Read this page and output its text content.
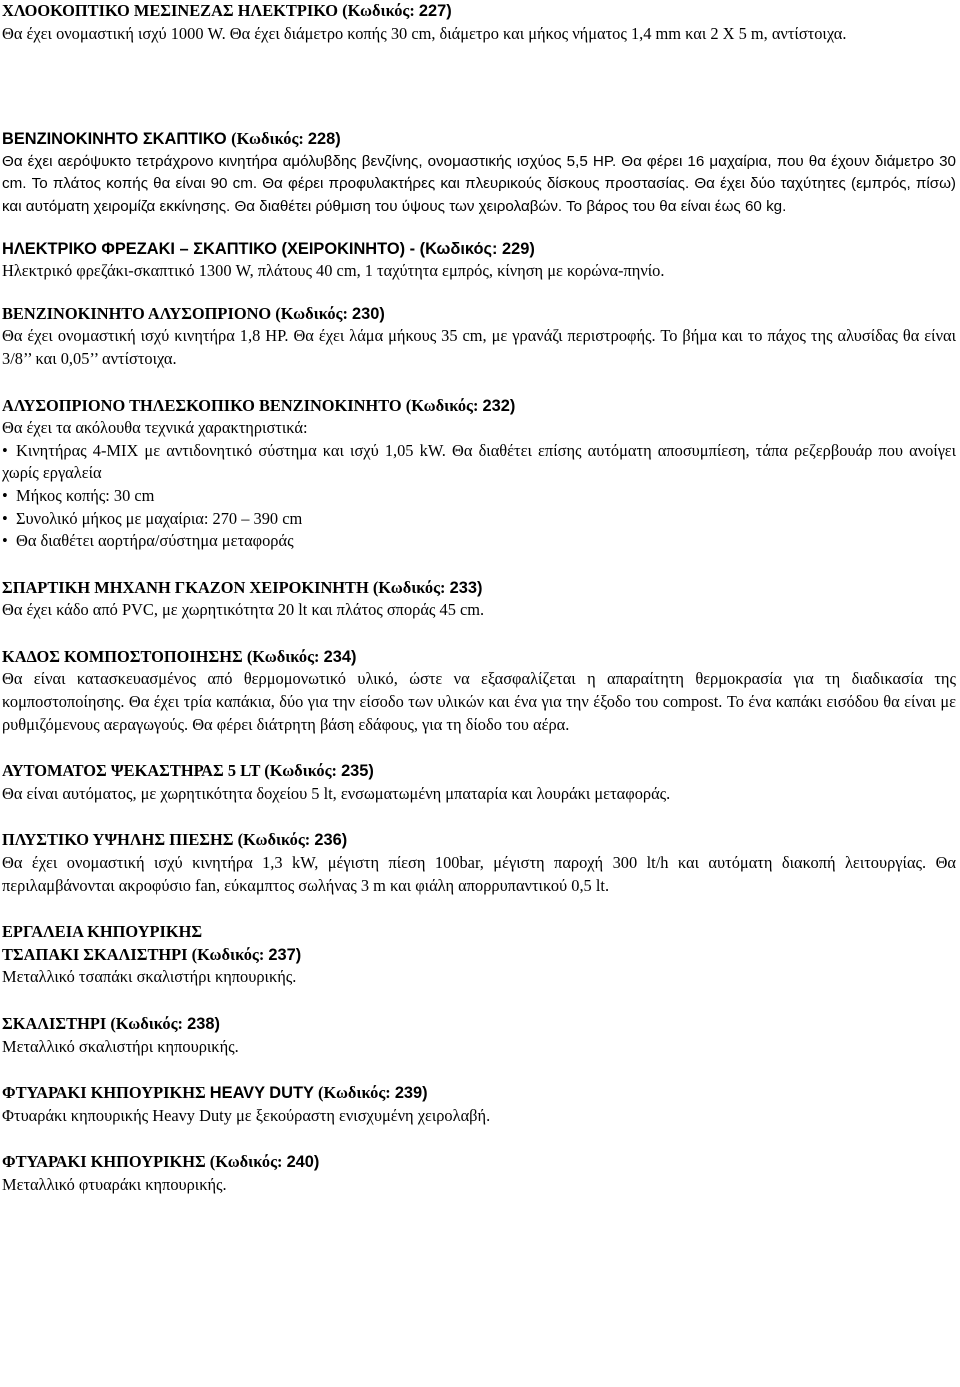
ΧΛΟΟΚΟΠΤΙΚΟ ΜΕΣΙΝΕΖΑΣ ΗΛΕΚΤΡΙΚΟ (Κωδικός: 227)
Θα έχει ονομαστική ισχύ 1000 W. Θα έχει διάμετρο κοπής 30 cm, διάμετρο και μήκος νήματος 1,4 mm και 2 Χ 5 m, αντίστοιχα.
ΒΕΝΖΙΝΟΚΙΝΗΤΟ ΣΚΑΠΤΙΚΟ (Κωδικός: 228)
Θα έχει αερόψυκτο τετράχρονο κινητήρα αμόλυβδης βενζίνης, ονομαστικής ισχύος 5,5 HP. Θα φέρει 16 μαχαίρια, που θα έχουν διάμετρο 30 cm. Το πλάτος κοπής θα είναι 90 cm. Θα φέρει προφυλακτήρες και πλευρικούς δίσκους προστασίας. Θα έχει δύο ταχύτητες (εμπρός, πίσω) και αυτόματη χειρομίζα εκκίνησης. Θα διαθέτει ρύθμιση του ύψους των χειρολαβών. Το βάρος του θα είναι έως 60 kg.
ΗΛΕΚΤΡΙΚΟ ΦΡΕΖΑΚΙ – ΣΚΑΠΤΙΚΟ (ΧΕΙΡΟΚΙΝΗΤΟ) - (Κωδικός: 229)
Ηλεκτρικό φρεζάκι-σκαπτικό 1300 W, πλάτους 40 cm, 1 ταχύτητα εμπρός, κίνηση με κορώνα-πηνίο.
ΒΕΝΖΙΝΟΚΙΝΗΤΟ ΑΛΥΣΟΠΡΙΟΝΟ (Κωδικός: 230)
Θα έχει ονομαστική ισχύ κινητήρα 1,8 HP. Θα έχει λάμα μήκους 35 cm, με γρανάζι περιστροφής. Το βήμα και το πάχος της αλυσίδας θα είναι 3/8’’ και 0,05’’ αντίστοιχα.
ΑΛΥΣΟΠΡΙΟΝΟ ΤΗΛΕΣΚΟΠΙΚΟ ΒΕΝΖΙΝΟΚΙΝΗΤΟ (Κωδικός: 232)
Θα έχει τα ακόλουθα τεχνικά χαρακτηριστικά:
• Κινητήρας 4-MIX με αντιδονητικό σύστημα και ισχύ 1,05 kW. Θα διαθέτει επίσης αυτόματη αποσυμπίεση, τάπα ρεζερβουάρ που ανοίγει χωρίς εργαλεία
• Μήκος κοπής: 30 cm
• Συνολικό μήκος με μαχαίρια: 270 – 390 cm
• Θα διαθέτει αορτήρα/σύστημα μεταφοράς
ΣΠΑΡΤΙΚΗ ΜΗΧΑΝΗ ΓΚΑΖΟΝ ΧΕΙΡΟΚΙΝΗΤΗ (Κωδικός: 233)
Θα έχει κάδο από PVC, με χωρητικότητα 20 lt και πλάτος σποράς 45 cm.
ΚΑΔΟΣ ΚΟΜΠΟΣΤΟΠΟΙΗΣΗΣ (Κωδικός: 234)
Θα είναι κατασκευασμένος από θερμομονωτικό υλικό, ώστε να εξασφαλίζεται η απαραίτητη θερμοκρασία για τη διαδικασία της κομποστοποίησης. Θα έχει τρία καπάκια, δύο για την είσοδο των υλικών και ένα για την έξοδο του compost. Το ένα καπάκι εισόδου θα είναι με ρυθμιζόμενους αεραγωγούς. Θα φέρει διάτρητη βάση εδάφους, για τη δίοδο του αέρα.
ΑΥΤΟΜΑΤΟΣ ΨΕΚΑΣΤΗΡΑΣ 5 LT (Κωδικός: 235)
Θα είναι αυτόματος, με χωρητικότητα δοχείου 5 lt, ενσωματωμένη μπαταρία και λουράκι μεταφοράς.
ΠΛΥΣΤΙΚΟ ΥΨΗΛΗΣ ΠΙΕΣΗΣ (Κωδικός: 236)
Θα έχει ονομαστική ισχύ κινητήρα 1,3 kW, μέγιστη πίεση 100bar, μέγιστη παροχή 300 lt/h και αυτόματη διακοπή λειτουργίας. Θα περιλαμβάνονται ακροφύσιο fan, εύκαμπτος σωλήνας 3 m και φιάλη απορρυπαντικού 0,5 lt.
ΕΡΓΑΛΕΙΑ ΚΗΠΟΥΡΙΚΗΣ
ΤΣΑΠΑΚΙ ΣΚΑΛΙΣΤΗΡΙ (Κωδικός: 237)
Μεταλλικό τσαπάκι σκαλιστήρι κηπουρικής.
ΣΚΑΛΙΣΤΗΡΙ (Κωδικός: 238)
Μεταλλικό σκαλιστήρι κηπουρικής.
ΦΤΥΑΡΑΚΙ ΚΗΠΟΥΡΙΚΗΣ HEAVY DUTY (Κωδικός: 239)
Φτυαράκι κηπουρικής Heavy Duty με ξεκούραστη ενισχυμένη χειρολαβή.
ΦΤΥΑΡΑΚΙ ΚΗΠΟΥΡΙΚΗΣ (Κωδικός: 240)
Μεταλλικό φτυαράκι κηπουρικής.
